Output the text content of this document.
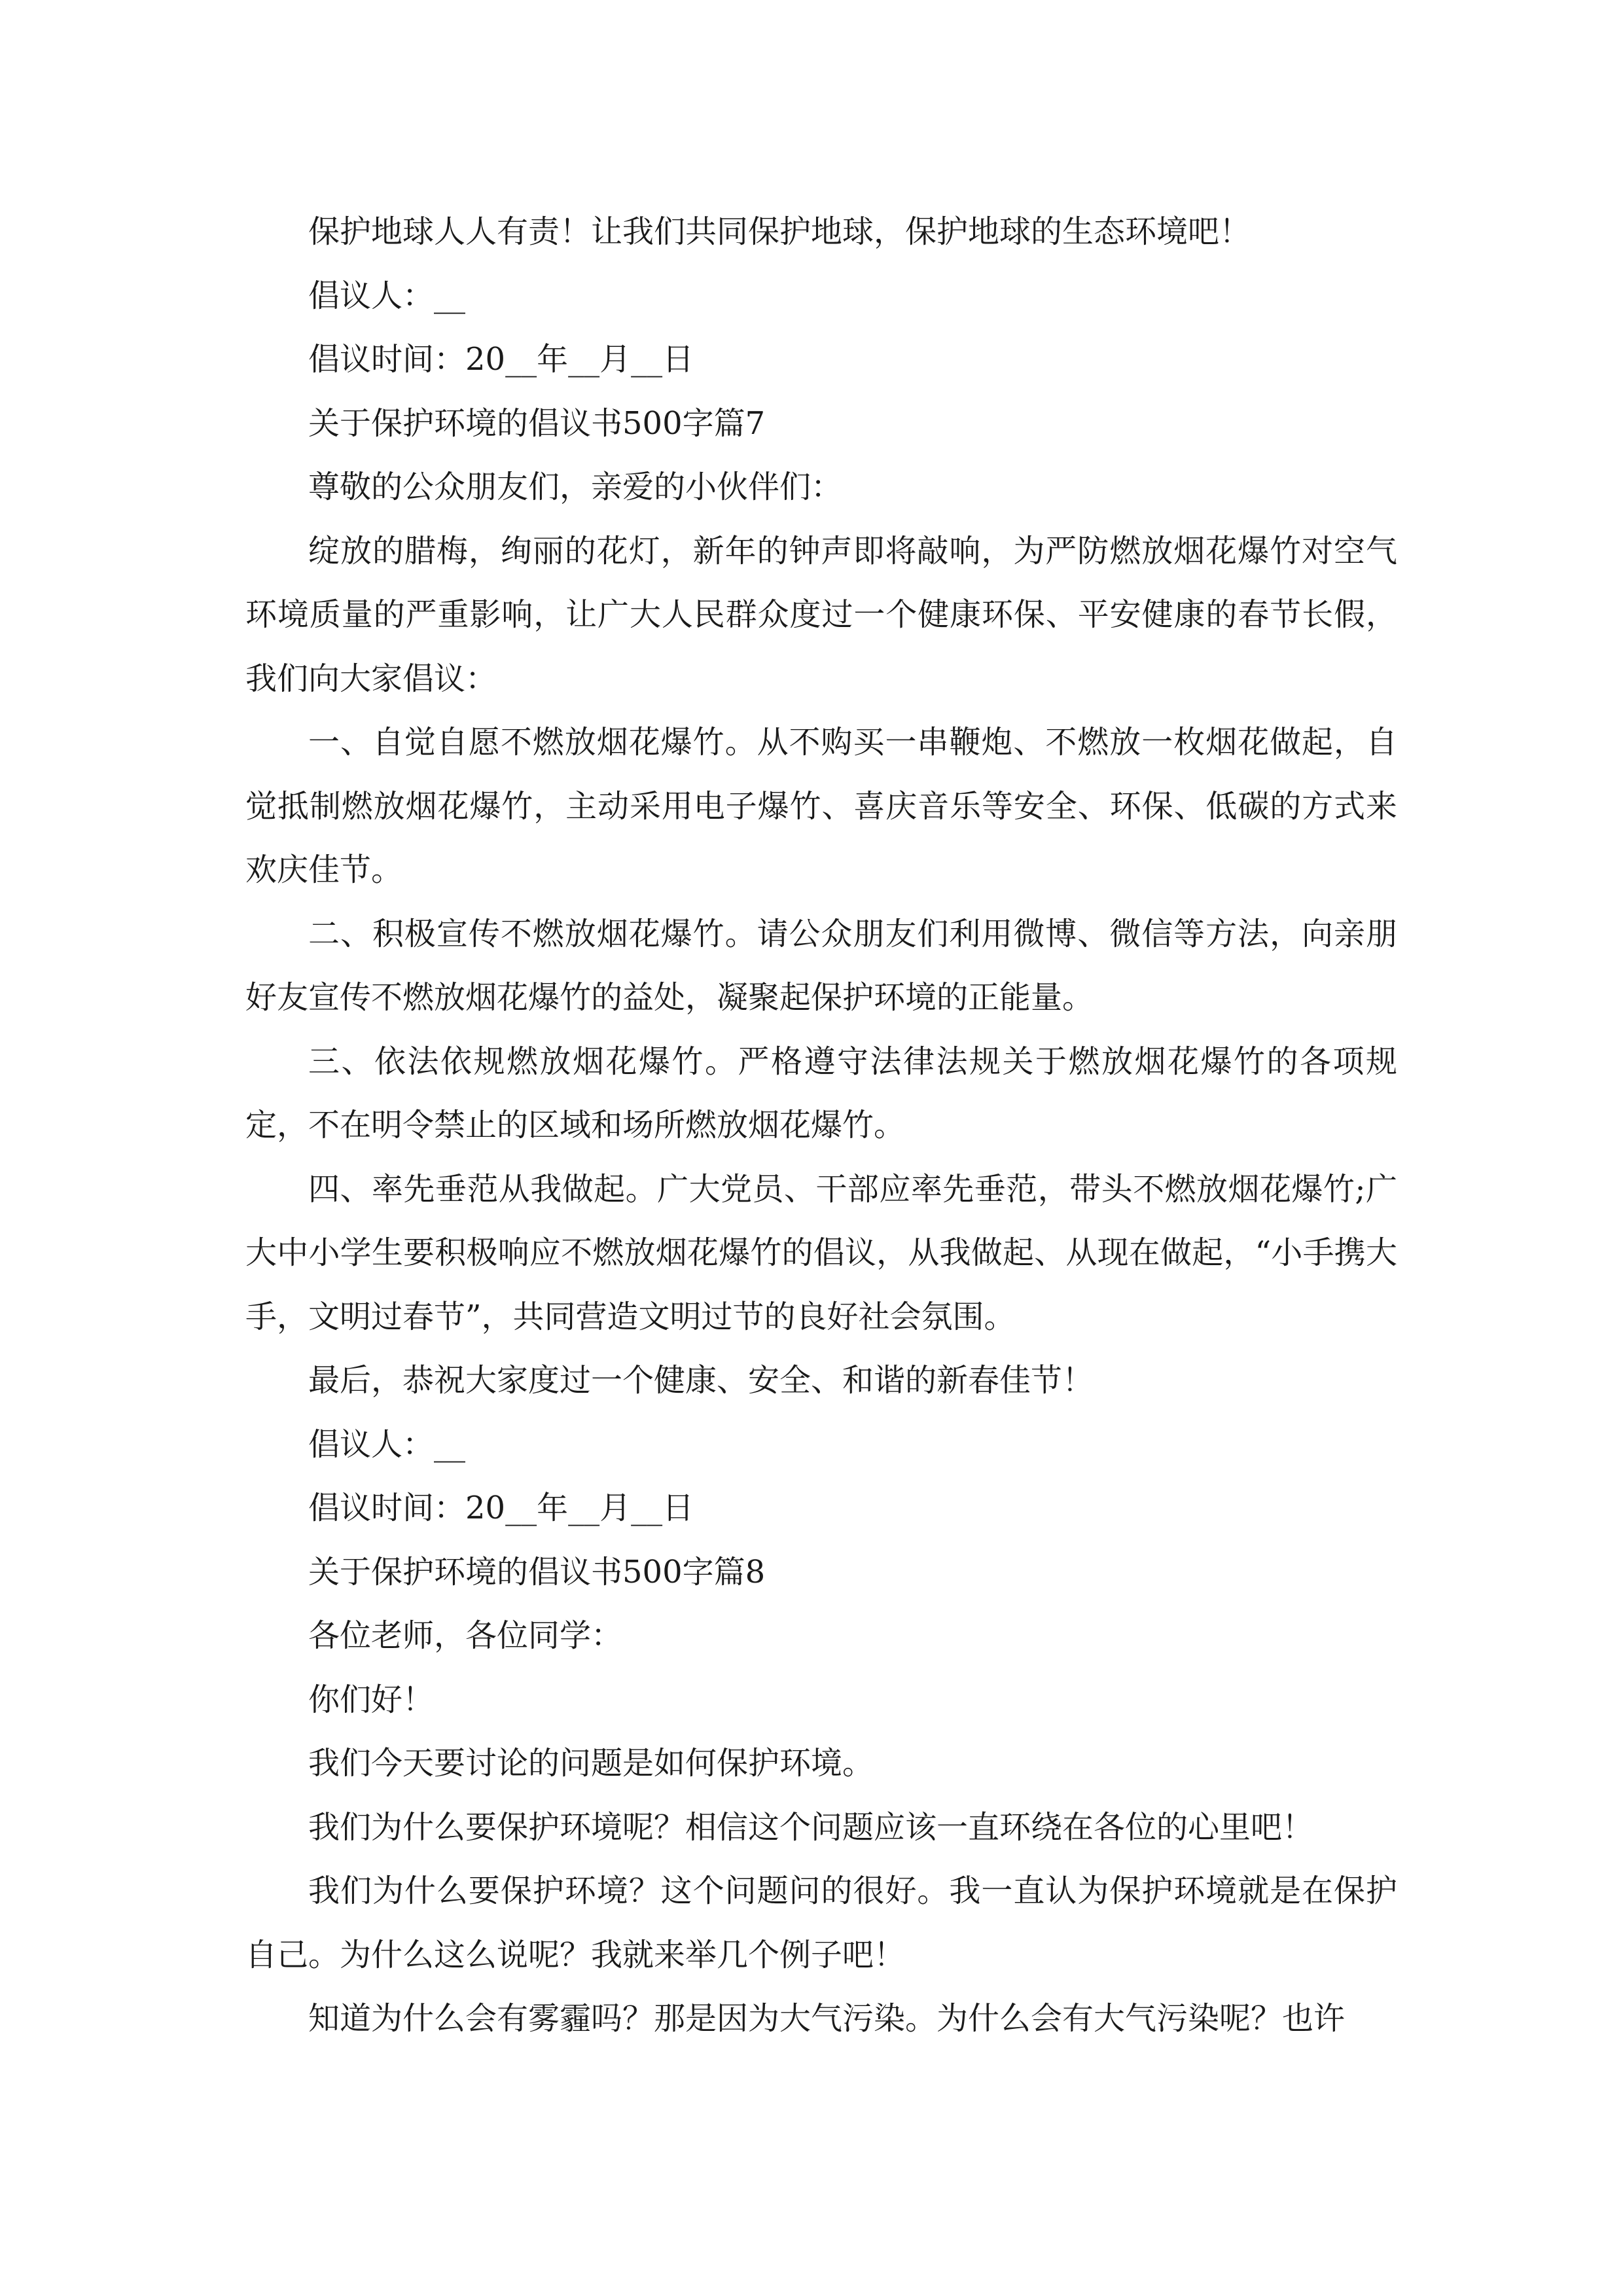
保护地球人人有责！让我们共同保护地球，保护地球的生态环境吧！

倡议人：__

倡议时间：20__年__月__日

关于保护环境的倡议书500字篇7

尊敬的公众朋友们，亲爱的小伙伴们：

绽放的腊梅，绚丽的花灯，新年的钟声即将敲响，为严防燃放烟花爆竹对空气环境质量的严重影响，让广大人民群众度过一个健康环保、平安健康的春节长假，我们向大家倡议：

一、自觉自愿不燃放烟花爆竹。从不购买一串鞭炮、不燃放一枚烟花做起，自觉抵制燃放烟花爆竹，主动采用电子爆竹、喜庆音乐等安全、环保、低碳的方式来欢庆佳节。

二、积极宣传不燃放烟花爆竹。请公众朋友们利用微博、微信等方法，向亲朋好友宣传不燃放烟花爆竹的益处，凝聚起保护环境的正能量。

三、依法依规燃放烟花爆竹。严格遵守法律法规关于燃放烟花爆竹的各项规定，不在明令禁止的区域和场所燃放烟花爆竹。

四、率先垂范从我做起。广大党员、干部应率先垂范，带头不燃放烟花爆竹;广大中小学生要积极响应不燃放烟花爆竹的倡议，从我做起、从现在做起，“小手携大手，文明过春节”，共同营造文明过节的良好社会氛围。

最后，恭祝大家度过一个健康、安全、和谐的新春佳节！

倡议人：__

倡议时间：20__年__月__日

关于保护环境的倡议书500字篇8

各位老师，各位同学：

你们好！

我们今天要讨论的问题是如何保护环境。

我们为什么要保护环境呢？相信这个问题应该一直环绕在各位的心里吧！

我们为什么要保护环境？这个问题问的很好。我一直认为保护环境就是在保护自己。为什么这么说呢？我就来举几个例子吧！

知道为什么会有雾霾吗？那是因为大气污染。为什么会有大气污染呢？也许
